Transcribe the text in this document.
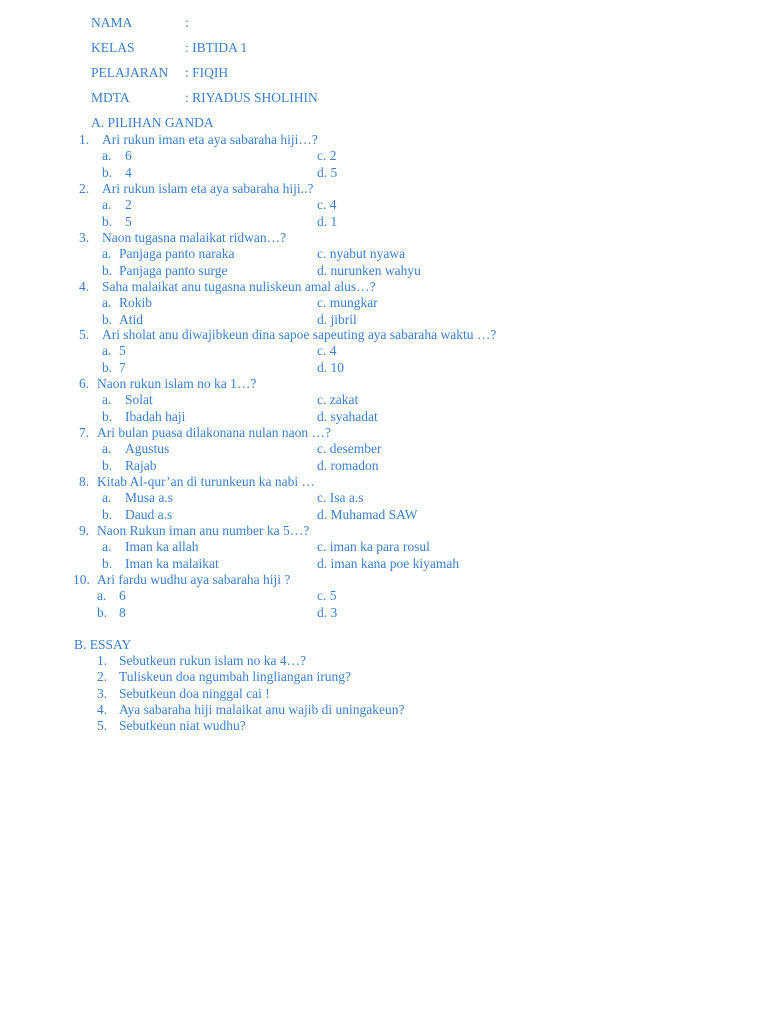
NAMA	:
KELAS	: IBTIDA 1
PELAJARAN : FIQIH
MDTA	: RIYADUS SHOLIHIN
A. PILIHAN GANDA
1. Ari rukun iman eta aya sabaraha hiji…?
a. 6	c. 2
b. 4	d. 5
2. Ari rukun islam eta aya sabaraha hiji..?
a. 2	c. 4
b. 5	d. 1
3. Naon tugasna malaikat ridwan…?
a. Panjaga panto naraka	c. nyabut nyawa
b. Panjaga panto surge	d. nurunken wahyu
4. Saha malaikat anu tugasna nuliskeun amal alus…?
a. Rokib	c. mungkar
b. Atid	d. jibril
5. Ari sholat anu diwajibkeun dina sapoe sapeuting aya sabaraha waktu …?
a. 5	c. 4
b. 7	d. 10
6. Naon rukun islam no ka 1…?
a. Solat	c. zakat
b. Ibadah haji	d. syahadat
7. Ari bulan puasa dilakonana nulan naon …?
a. Agustus	c. desember
b. Rajab	d. romadon
8. Kitab Al-qur’an di turunkeun ka nabi …
a. Musa a.s	c. Isa a.s
b. Daud a.s	d. Muhamad SAW
9. Naon Rukun iman anu number ka 5…?
a. Iman ka allah	c. iman ka para rosul
b. Iman ka malaikat	d. iman kana poe kiyamah
10. Ari fardu wudhu aya sabaraha hiji ?
a. 6	c. 5
b. 8	d. 3
B. ESSAY
1. Sebutkeun rukun islam no ka 4…?
2. Tuliskeun doa ngumbah lingliangan irung?
3. Sebutkeun doa ninggal cai !
4. Aya sabaraha hiji malaikat anu wajib di uningakeun?
5. Sebutkeun niat wudhu?
